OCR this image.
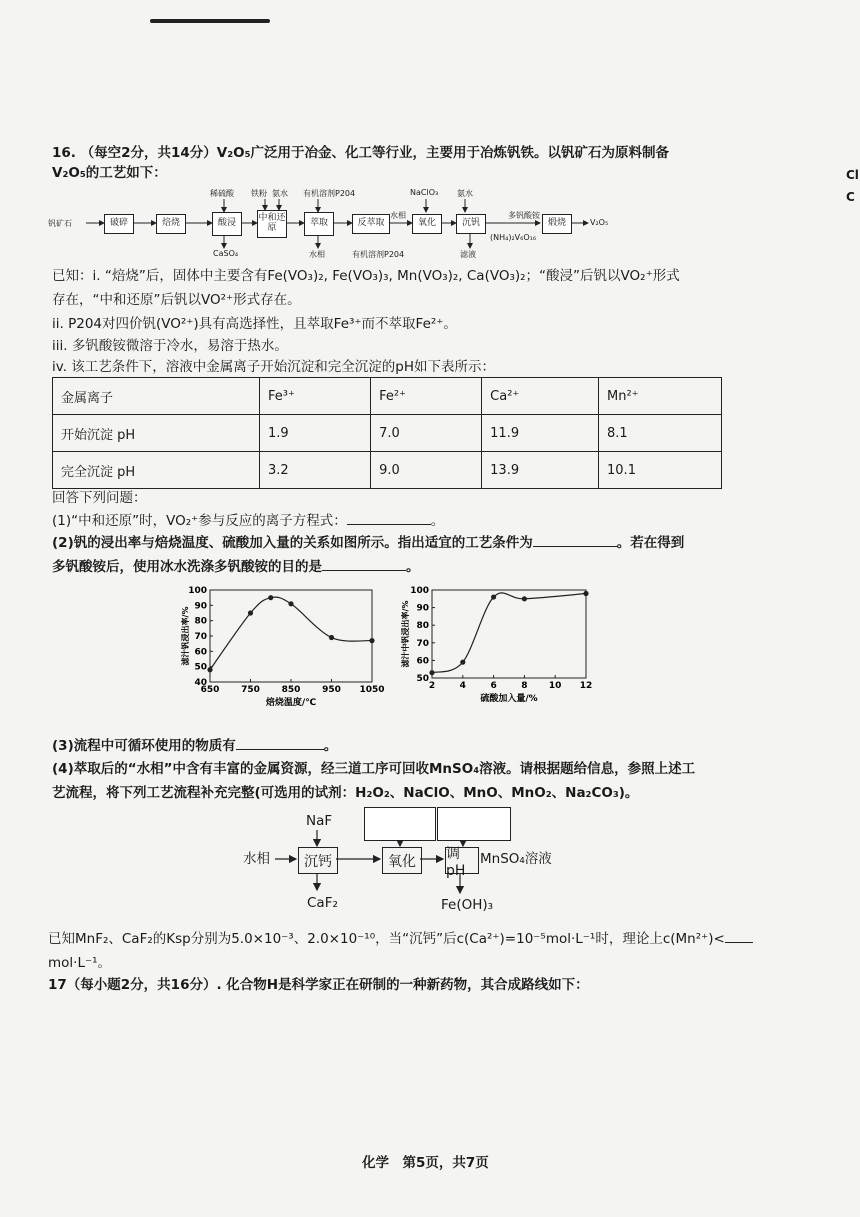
Cl
C
16. （每空2分，共14分）V₂O₅广泛用于冶金、化工等行业，主要用于冶炼钒铁。以钒矿石为原料制备
V₂O₅的工艺如下：
钒矿石	破碎	焙烧	酸浸	中和还原	萃取	反萃取	氧化	沉钒	煅烧	V₂O₅
稀硫酸 铁粉 氨水 有机溶剂P204	NaClO₃ 氨水
CaSO₄	水相	有机溶剂P204	滤液
水相	多钒酸铵
(NH₄)₂V₆O₁₆
已知：i. “焙烧”后，固体中主要含有Fe(VO₃)₂, Fe(VO₃)₃, Mn(VO₃)₂, Ca(VO₃)₂；“酸浸”后钒以VO₂⁺形式
存在，“中和还原”后钒以VO²⁺形式存在。
ii. P204对四价钒(VO²⁺)具有高选择性，且萃取Fe³⁺而不萃取Fe²⁺。
iii. 多钒酸铵微溶于冷水，易溶于热水。
iv. 该工艺条件下，溶液中金属离子开始沉淀和完全沉淀的pH如下表所示：
金属离子	Fe³⁺	Fe²⁺	Ca²⁺	Mn²⁺
开始沉淀 pH	1.9	7.0	11.9	8.1
完全沉淀 pH	3.2	9.0	13.9	10.1
回答下列问题：
(1)“中和还原”时，VO₂⁺参与反应的离子方程式：	。
(2)钒的浸出率与焙烧温度、硫酸加入量的关系如图所示。指出适宜的工艺条件为	。若在得到
多钒酸铵后，使用冰水洗涤多钒酸铵的目的是	。
40
50
60
70
80
90
100
650 750 850 950 1050
焙烧温度/℃
滤汁钒浸出率/%
50
60
70
80
90
100
2	4	6	8 10 12
硫酸加入量/%
滤汁中钒浸出率/%
(3)流程中可循环使用的物质有	。
(4)萃取后的“水相”中含有丰富的金属资源，经三道工序可回收MnSO₄溶液。请根据题给信息，参照上述工
艺流程，将下列工艺流程补充完整(可选用的试剂：H₂O₂、NaClO、MnO、MnO₂、Na₂CO₃)。
NaF
水相	沉钙	氧化	调pH
MnSO₄溶液
CaF₂	Fe(OH)₃
已知MnF₂、CaF₂的Ksp分别为5.0×10⁻³、2.0×10⁻¹⁰，当“沉钙”后c(Ca²⁺)=10⁻⁵mol·L⁻¹时，理论上c(Mn²⁺)<
mol·L⁻¹。
17（每小题2分，共16分）. 化合物H是科学家正在研制的一种新药物，其合成路线如下：
化学　第5页，共7页
